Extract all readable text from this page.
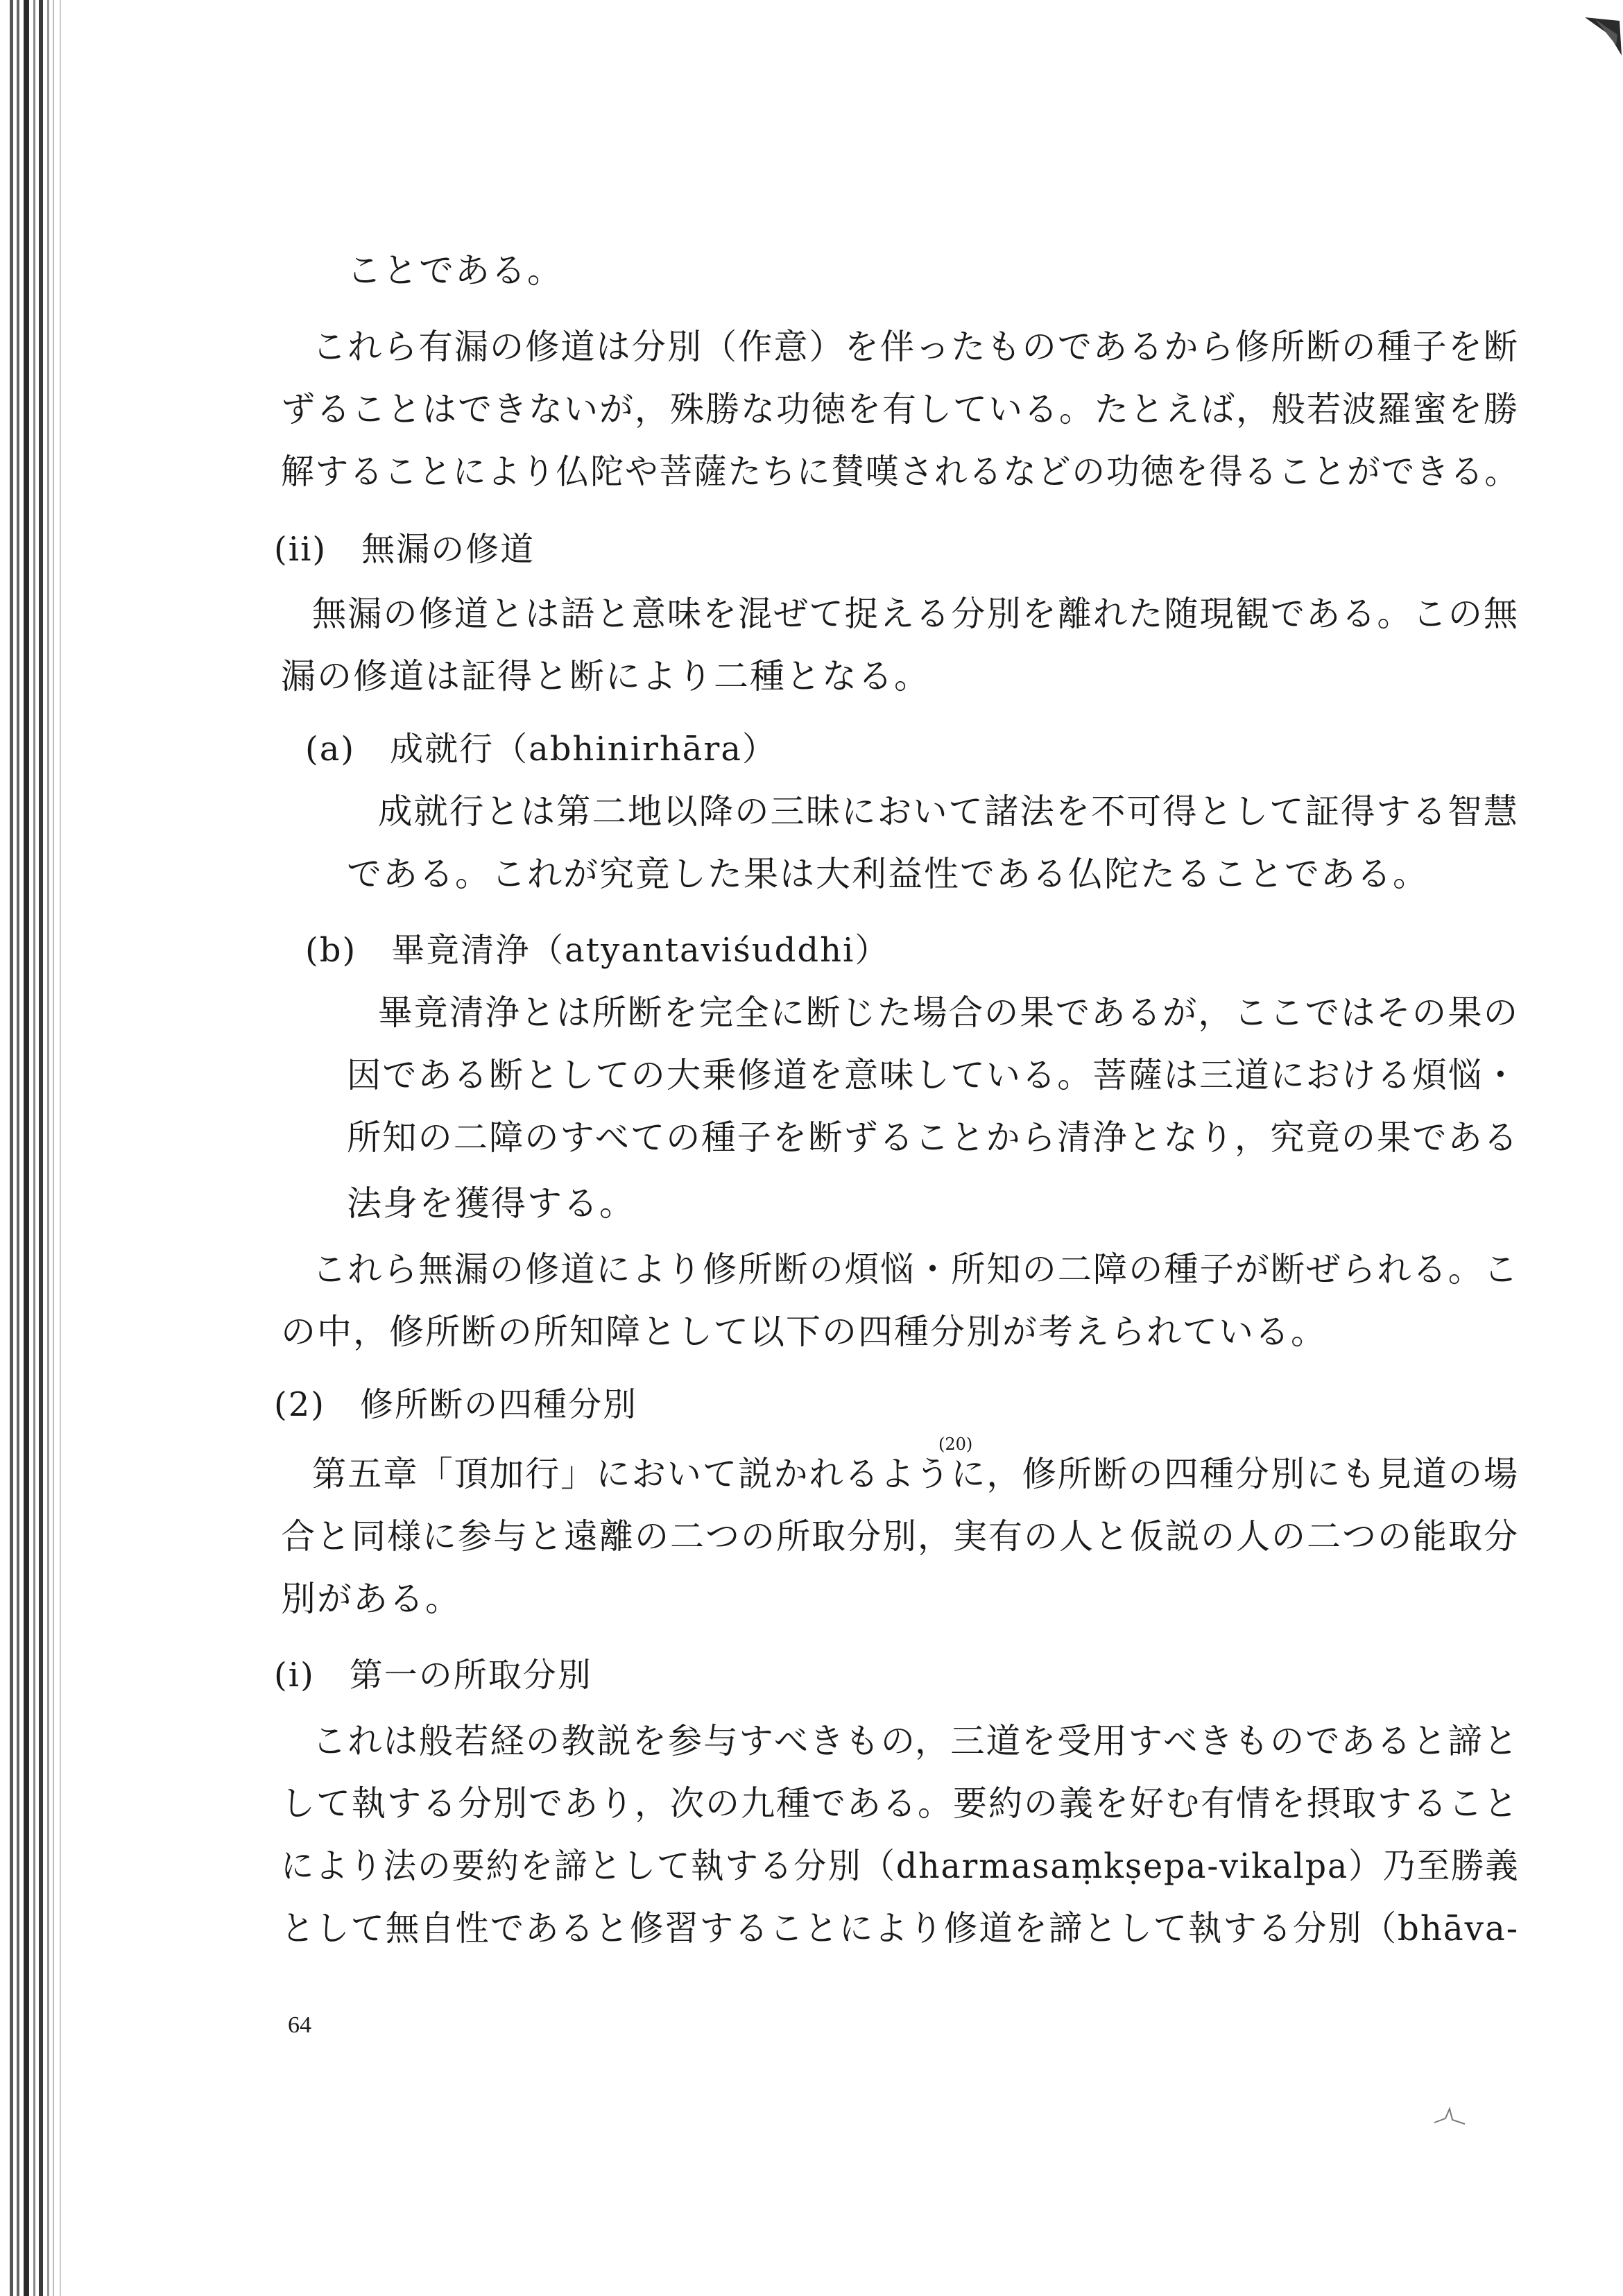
ことである。

これら有漏の修道は分別（作意）を伴ったものであるから修所断の種子を断

ずることはできないが，殊勝な功徳を有している。たとえば，般若波羅蜜を勝

解することにより仏陀や菩薩たちに賛嘆されるなどの功徳を得ることができる。

(ii)　無漏の修道

無漏の修道とは語と意味を混ぜて捉える分別を離れた随現観である。この無

漏の修道は証得と断により二種となる。

(a)　成就行（abhinirhāra）

成就行とは第二地以降の三昧において諸法を不可得として証得する智慧

である。これが究竟した果は大利益性である仏陀たることである。

(b)　畢竟清浄（atyantaviśuddhi）

畢竟清浄とは所断を完全に断じた場合の果であるが，ここではその果の

因である断としての大乗修道を意味している。菩薩は三道における煩悩・

所知の二障のすべての種子を断ずることから清浄となり，究竟の果である

法身を獲得する。

これら無漏の修道により修所断の煩悩・所知の二障の種子が断ぜられる。こ

の中，修所断の所知障として以下の四種分別が考えられている。

(2)　修所断の四種分別

(20)

第五章「頂加行」において説かれるように，修所断の四種分別にも見道の場

合と同様に参与と遠離の二つの所取分別，実有の人と仮説の人の二つの能取分

別がある。

(i)　第一の所取分別

これは般若経の教説を参与すべきもの，三道を受用すべきものであると諦と

して執する分別であり，次の九種である。要約の義を好む有情を摂取すること

により法の要約を諦として執する分別（dharmasaṃkṣepa-vikalpa）乃至勝義

として無自性であると修習することにより修道を諦として執する分別（bhāva-

64
